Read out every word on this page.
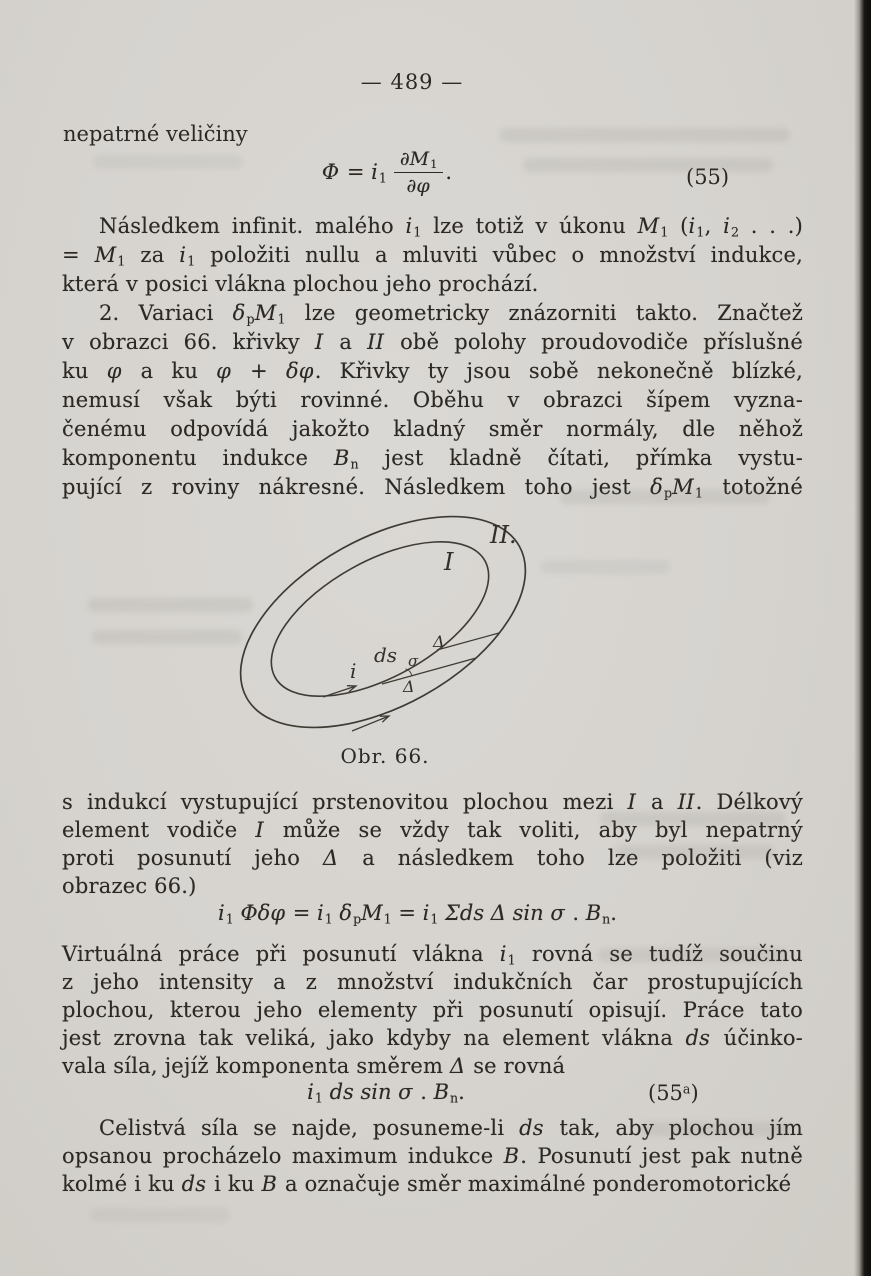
— 489 —
nepatrné veličiny
$\Phi = i_1 \frac{\partial M_1}{\partial\varphi}$ .	(55)
Následkem infinit. malého $i_1$ lze totiž v úkonu $M_1$ ($i_1$, $i_2$ . . .)
= $M_1$ za $i_1$ položiti nullu a mluviti vůbec o množství indukce,
která v posici vlákna plochou jeho prochází.
2. Variaci $\delta_pM_1$ lze geometricky znázorniti takto. Značtež
v obrazci 66. křivky I a II obě polohy proudovodiče příslušné
ku φ a ku φ + δφ. Křivky ty jsou sobě nekonečně blízké,
nemusí však býti rovinné. Oběhu v obrazci šípem vyzna-
čenému odpovídá jakožto kladný směr normály, dle něhož
komponentu indukce $B_n$ jest kladně čítati, přímka vystu-
pující z roviny nákresné. Následkem toho jest $\delta_pM_1$ totožné
II.
I
ds σ
Δ
Δ
i
Obr. 66.
s indukcí vystupující prstenovitou plochou mezi I a II. Délkový
element vodiče I může se vždy tak voliti, aby byl nepatrný
proti posunutí jeho Δ a následkem toho lze položiti (viz
obrazec 66.)
$i_1$ $\Phi\delta\varphi = i_1$ $\delta_pM_1 = i_1$ Σds Δ sin σ . $B_n$.
Virtuálná práce při posunutí vlákna $i_1$ rovná se tudíž součinu
z jeho intensity a z množství indukčních čar prostupujících
plochou, kterou jeho elementy při posunutí opisují. Práce tato
jest zrovna tak veliká, jako kdyby na element vlákna ds účinko-
vala síla, jejíž komponenta směrem Δ se rovná
$i_1$ ds sin σ . $B_n$.	(55$^a$)
Celistvá síla se najde, posuneme-li ds tak, aby plochou jím
opsanou procházelo maximum indukce B. Posunutí jest pak nutně
kolmé i ku ds i ku B a označuje směr maximálné ponderomotorické
